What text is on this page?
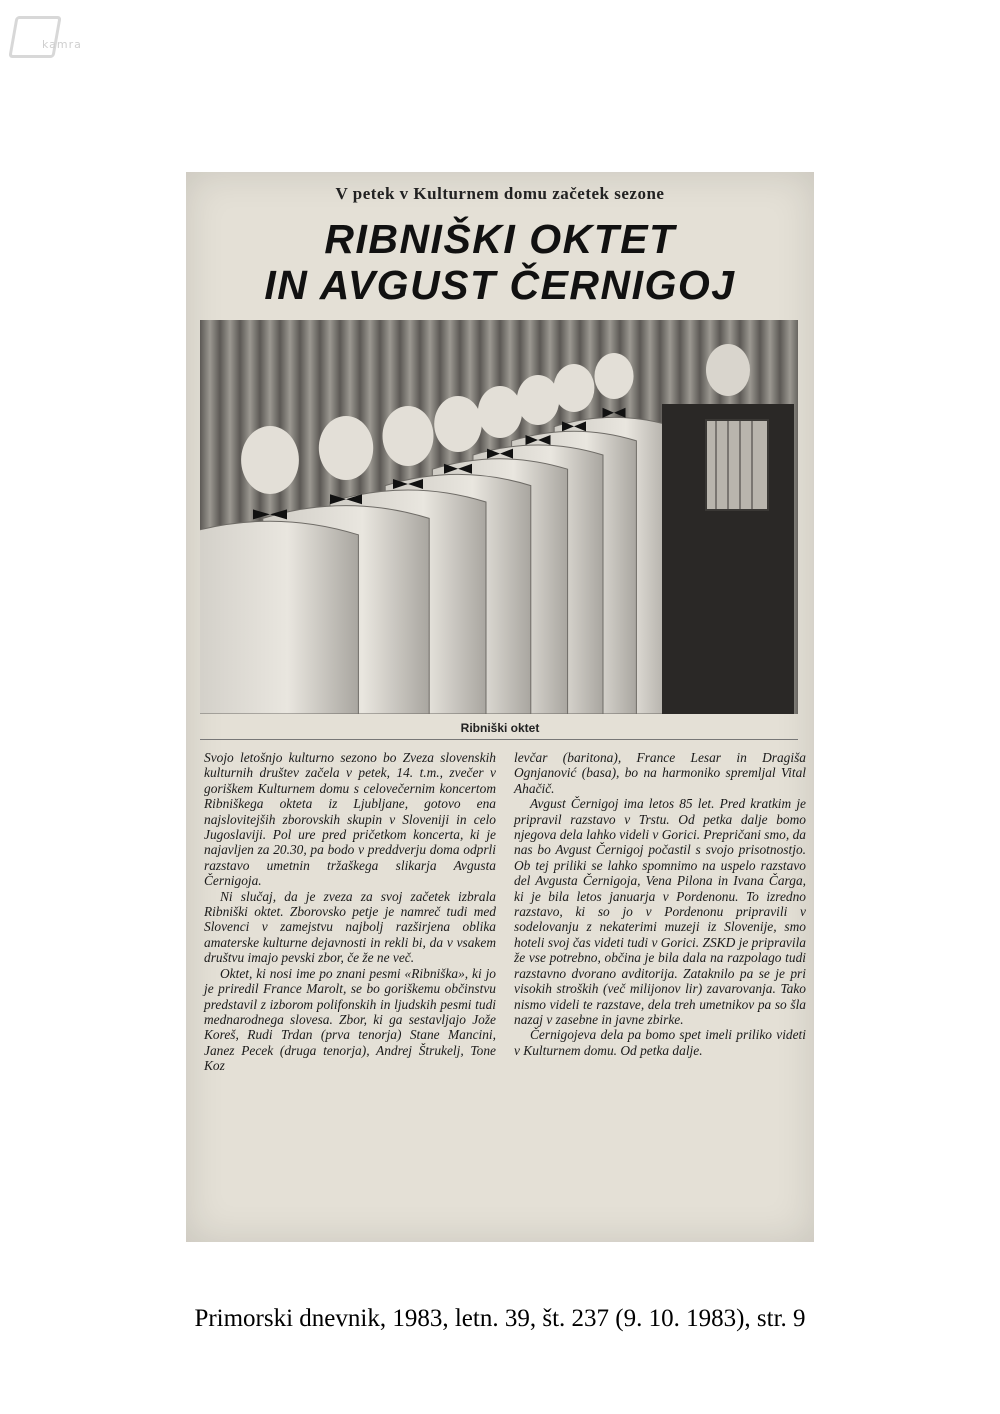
kamra
V petek v Kulturnem domu začetek sezone
RIBNIŠKI OKTET
IN AVGUST ČERNIGOJ
Ribniški oktet

Svojo letošnjo kulturno sezono bo Zveza slovenskih kulturnih društev začela v petek, 14. t.m., zvečer v goriškem Kulturnem domu s celovečernim koncertom Ribniškega okteta iz Ljubljane, gotovo ena najslovitejših zborovskih skupin v Sloveniji in celo Jugoslaviji. Pol ure pred pričetkom koncerta, ki je najavljen za 20.30, pa bodo v preddverju doma odprli razstavo umetnin tržaškega slikarja Avgusta Černigoja.

Ni slučaj, da je zveza za svoj začetek izbrala Ribniški oktet. Zborovsko petje je namreč tudi med Slovenci v zamejstvu najbolj razširjena oblika amaterske kulturne dejavnosti in rekli bi, da v vsakem društvu imajo pevski zbor, če že ne več.

Oktet, ki nosi ime po znani pesmi «Ribniška», ki jo je priredil France Marolt, se bo goriškemu občinstvu predstavil z izborom polifonskih in ljudskih pesmi tudi mednarodnega slovesa. Zbor, ki ga sestavljajo Jože Koreš, Rudi Trdan (prva tenorja) Stane Mancini, Janez Pecek (druga tenorja), Andrej Štrukelj, Tone Koz

levčar (baritona), France Lesar in Dragiša Ognjanović (basa), bo na harmoniko spremljal Vital Ahačič.

Avgust Černigoj ima letos 85 let. Pred kratkim je pripravil razstavo v Trstu. Od petka dalje bomo njegova dela lahko videli v Gorici. Prepričani smo, da nas bo Avgust Černigoj počastil s svojo prisotnostjo. Ob tej priliki se lahko spomnimo na uspelo razstavo del Avgusta Černigoja, Vena Pilona in Ivana Čarga, ki je bila letos januarja v Pordenonu. To izredno razstavo, ki so jo v Pordenonu pripravili v sodelovanju z nekaterimi muzeji iz Slovenije, smo hoteli svoj čas videti tudi v Gorici. ZSKD je pripravila že vse potrebno, občina je bila dala na razpolago tudi razstavno dvorano avditorija. Zataknilo pa se je pri visokih stroških (več milijonov lir) zavarovanja. Tako nismo videli te razstave, dela treh umetnikov pa so šla nazaj v zasebne in javne zbirke.

Černigojeva dela pa bomo spet imeli priliko videti v Kulturnem domu. Od petka dalje.

Primorski dnevnik, 1983, letn. 39, št. 237 (9. 10. 1983), str. 9
